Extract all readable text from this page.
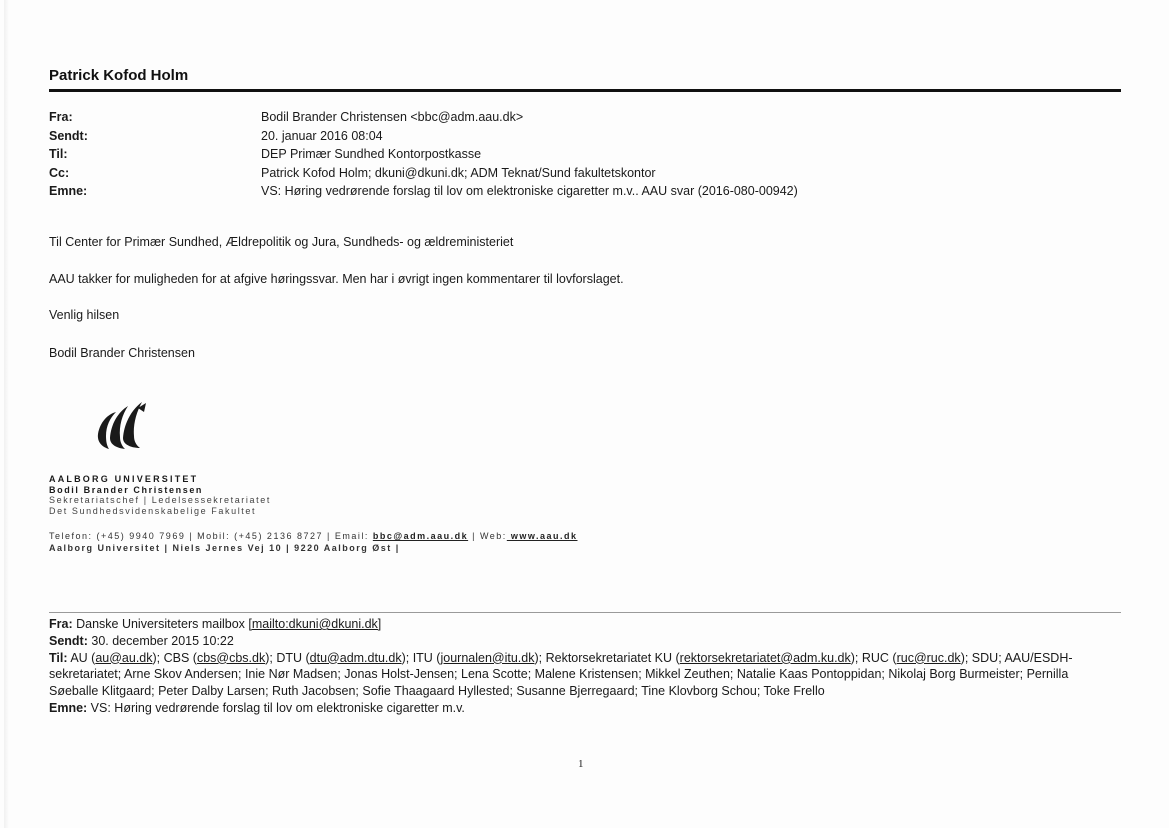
Patrick Kofod Holm
Fra:	Bodil Brander Christensen <bbc@adm.aau.dk>
Sendt:	20. januar 2016 08:04
Til:	DEP Primær Sundhed Kontorpostkasse
Cc:	Patrick Kofod Holm; dkuni@dkuni.dk; ADM Teknat/Sund fakultetskontor
Emne:	VS: Høring vedrørende forslag til lov om elektroniske cigaretter m.v.. AAU svar (2016-080-00942)
Til Center for Primær Sundhed, Ældrepolitik og Jura, Sundheds- og ældreministeriet
AAU takker for muligheden for at afgive høringssvar. Men har i øvrigt ingen kommentarer til lovforslaget.
Venlig hilsen
Bodil Brander Christensen
AALBORG UNIVERSITET
Bodil Brander Christensen
Sekretariatschef | Ledelsessekretariatet
Det Sundhedsvidenskabelige Fakultet
Telefon: (+45) 9940 7969 | Mobil: (+45) 2136 8727 | Email: bbc@adm.aau.dk | Web: www.aau.dk
Aalborg Universitet | Niels Jernes Vej 10 | 9220 Aalborg Øst |
Fra: Danske Universiteters mailbox [mailto:dkuni@dkuni.dk]
Sendt: 30. december 2015 10:22
Til: AU (au@au.dk); CBS (cbs@cbs.dk); DTU (dtu@adm.dtu.dk); ITU (journalen@itu.dk); Rektorsekretariatet KU (rektorsekretariatet@adm.ku.dk); RUC (ruc@ruc.dk); SDU; AAU/ESDH-sekretariatet; Arne Skov Andersen; Inie Nør Madsen; Jonas Holst-Jensen; Lena Scotte; Malene Kristensen; Mikkel Zeuthen; Natalie Kaas Pontoppidan; Nikolaj Borg Burmeister; Pernilla Søeballe Klitgaard; Peter Dalby Larsen; Ruth Jacobsen; Sofie Thaagaard Hyllested; Susanne Bjerregaard; Tine Klovborg Schou; Toke Frello
Emne: VS: Høring vedrørende forslag til lov om elektroniske cigaretter m.v.
1
